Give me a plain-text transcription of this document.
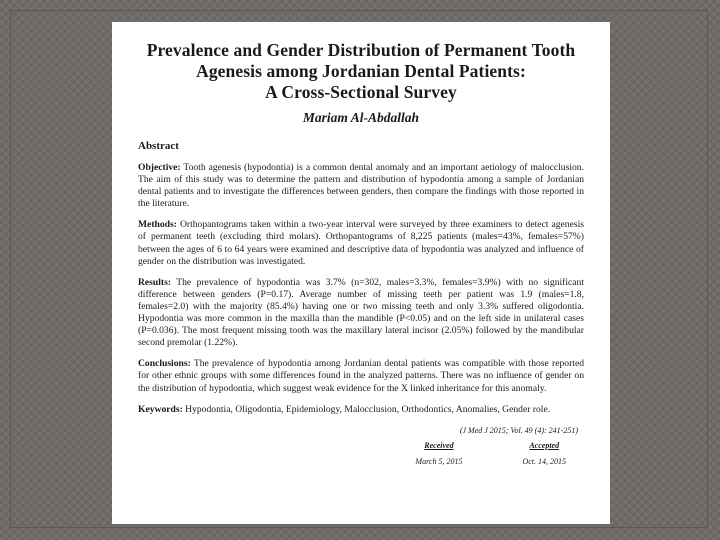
Prevalence and Gender Distribution of Permanent Tooth
Agenesis among Jordanian Dental Patients:
A Cross-Sectional Survey
Mariam Al-Abdallah
Abstract

Objective: Tooth agenesis (hypodontia) is a common dental anomaly and an important aetiology of malocclusion. The aim of this study was to determine the pattern and distribution of hypodontia among a sample of Jordanian dental patients and to investigate the differences between genders, then compare the findings with those reported in the literature.

Methods: Orthopantograms taken within a two-year interval were surveyed by three examiners to detect agenesis of permanent teeth (excluding third molars). Orthopantograms of 8,225 patients (males=43%, females=57%) between the ages of 6 to 64 years were examined and descriptive data of hypodontia was analyzed and influence of gender on the distribution was investigated.

Results: The prevalence of hypodontia was 3.7% (n=302, males=3.3%, females=3.9%) with no significant difference between genders (P=0.17). Average number of missing teeth per patient was 1.9 (males=1.8, females=2.0) with the majority (85.4%) having one or two missing teeth and only 3.3% suffered oligodontia. Hypodontia was more common in the maxilla than the mandible (P<0.05) and on the left side in unilateral cases (P=0.036). The most frequent missing tooth was the maxillary lateral incisor (2.05%) followed by the mandibular second premolar (1.22%).

Conclusions: The prevalence of hypodontia among Jordanian dental patients was compatible with those reported for other ethnic groups with some differences found in the analyzed patterns. There was no influence of gender on the distribution of hypodontia, which suggest weak evidence for the X linked inheritance for this anomaly.

Keywords: Hypodontia, Oligodontia, Epidemiology, Malocclusion, Orthodontics, Anomalies, Gender role.

(J Med J 2015; Vol. 49 (4): 241-251)
Received
March 5, 2015
Accepted
Oct. 14, 2015
